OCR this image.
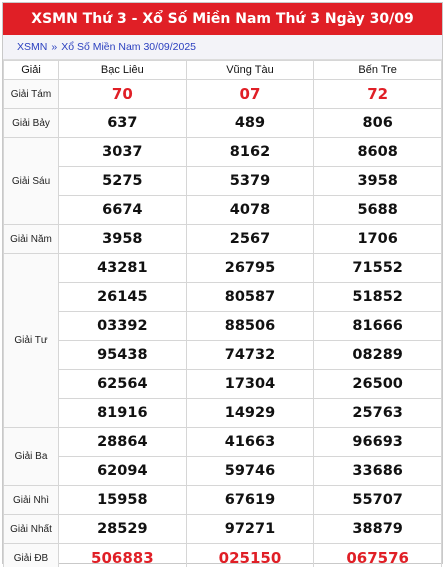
XSMN Thứ 3 - Xổ Số Miền Nam Thứ 3 Ngày 30/09
XSMN » Xổ Số Miền Nam 30/09/2025
Giải	Bạc Liêu	Vũng Tàu	Bến Tre
Giải Tám	70	07	72
Giải Bảy	637	489	806
Giải Sáu	3037	8162	8608
	5275	5379	3958
	6674	4078	5688
Giải Năm	3958	2567	1706
Giải Tư	43281	26795	71552
	26145	80587	51852
	03392	88506	81666
	95438	74732	08289
	62564	17304	26500
	81916	14929	25763
Giải Ba	28864	41663	96693
	62094	59746	33686
Giải Nhì	15958	67619	55707
Giải Nhất	28529	97271	38879
Giải ĐB	506883	025150	067576
